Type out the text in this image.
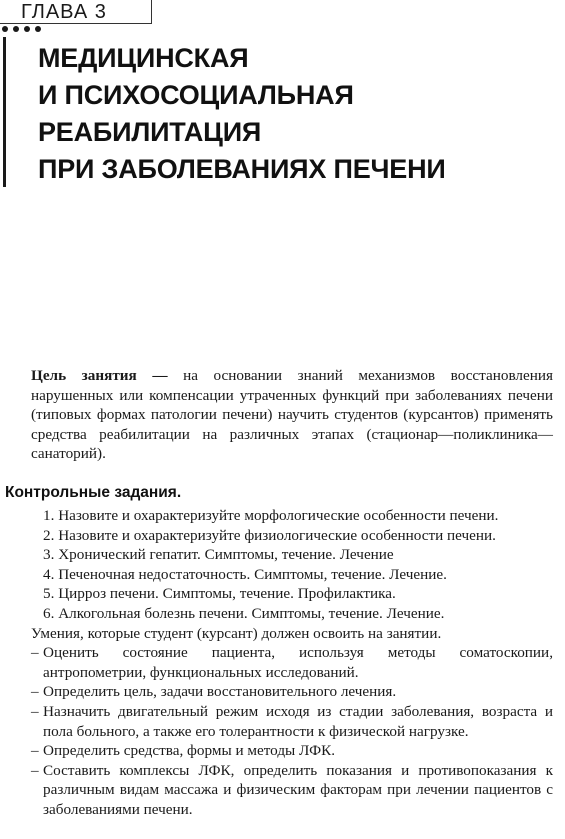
ГЛАВА 3
МЕДИЦИНСКАЯ
И ПСИХОСОЦИАЛЬНАЯ
РЕАБИЛИТАЦИЯ
ПРИ ЗАБОЛЕВАНИЯХ ПЕЧЕНИ

Цель занятия — на основании знаний механизмов восстановления нарушенных или компенсации утраченных функций при заболеваниях печени (типовых формах патологии печени) научить студентов (курсантов) применять средства реабилитации на различных этапах (стационар—поликлиника—санаторий).

Контрольные задания.
1. Назовите и охарактеризуйте морфологические особенности печени.
2. Назовите и охарактеризуйте физиологические особенности печени.
3. Хронический гепатит. Симптомы, течение. Лечение
4. Печеночная недостаточность. Симптомы, течение. Лечение.
5. Цирроз печени. Симптомы, течение. Профилактика.
6. Алкогольная болезнь печени. Симптомы, течение. Лечение.
Умения, которые студент (курсант) должен освоить на занятии.
– Оценить состояние пациента, используя методы соматоскопии, антропометрии, функциональных исследований.
– Определить цель, задачи восстановительного лечения.
– Назначить двигательный режим исходя из стадии заболевания, возраста и пола больного, а также его толерантности к физической нагрузке.
– Определить средства, формы и методы ЛФК.
– Составить комплексы ЛФК, определить показания и противопоказания к различным видам массажа и физическим факторам при лечении пациентов с заболеваниями печени.
